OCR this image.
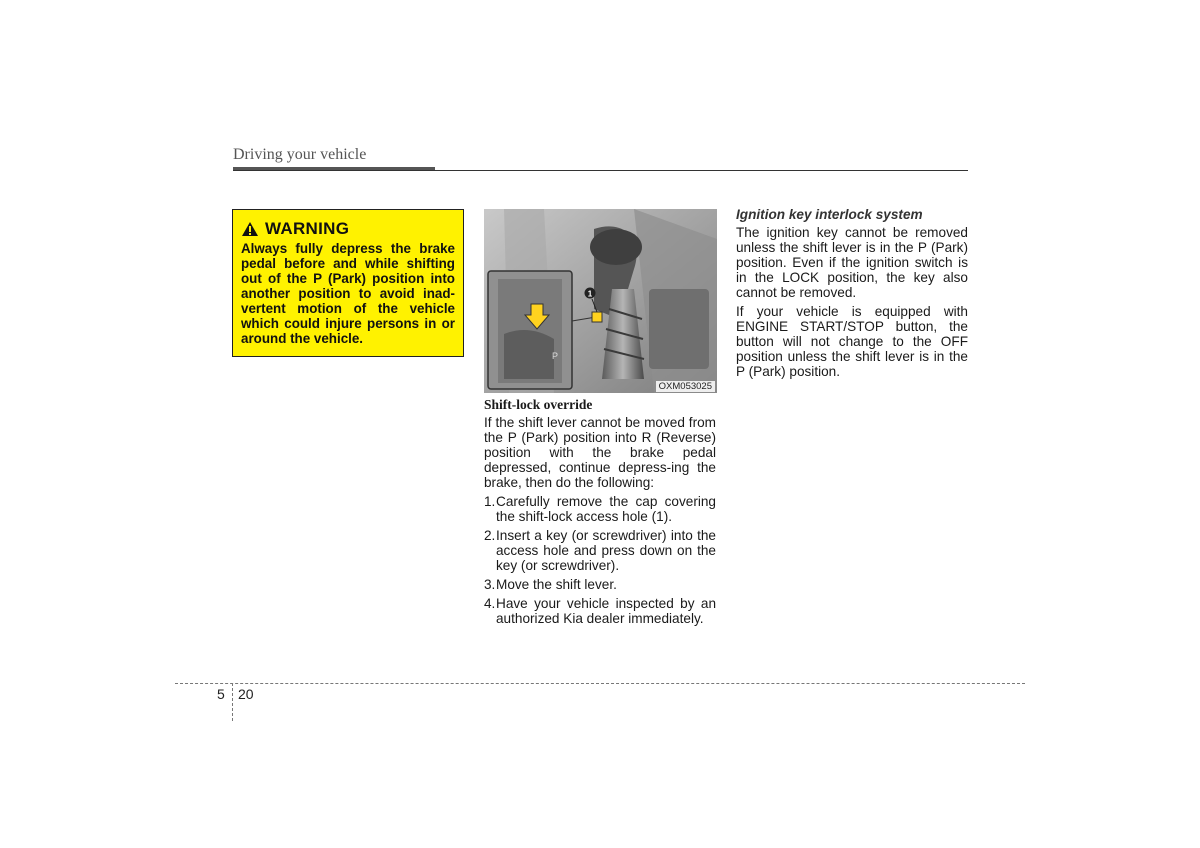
Driving your vehicle
WARNING
Always fully depress the brake pedal before and while shifting out of the P (Park) position into another position to avoid inad-vertent motion of the vehicle which could injure persons in or around the vehicle.
P
1
OXM053025
Shift-lock override

If the shift lever cannot be moved from the P (Park) position into R (Reverse) position with the brake pedal depressed, continue depress-ing the brake, then do the following:

1. Carefully remove the cap covering the shift-lock access hole (1).
2. Insert a key (or screwdriver) into the access hole and press down on the key (or screwdriver).
3. Move the shift lever.
4. Have your vehicle inspected by an authorized Kia dealer immediately.
Ignition key interlock system

The ignition key cannot be removed unless the shift lever is in the P (Park) position. Even if the ignition switch is in the LOCK position, the key also cannot be removed.

If your vehicle is equipped with ENGINE START/STOP button, the button will not change to the OFF position unless the shift lever is in the P (Park) position.

5 20
